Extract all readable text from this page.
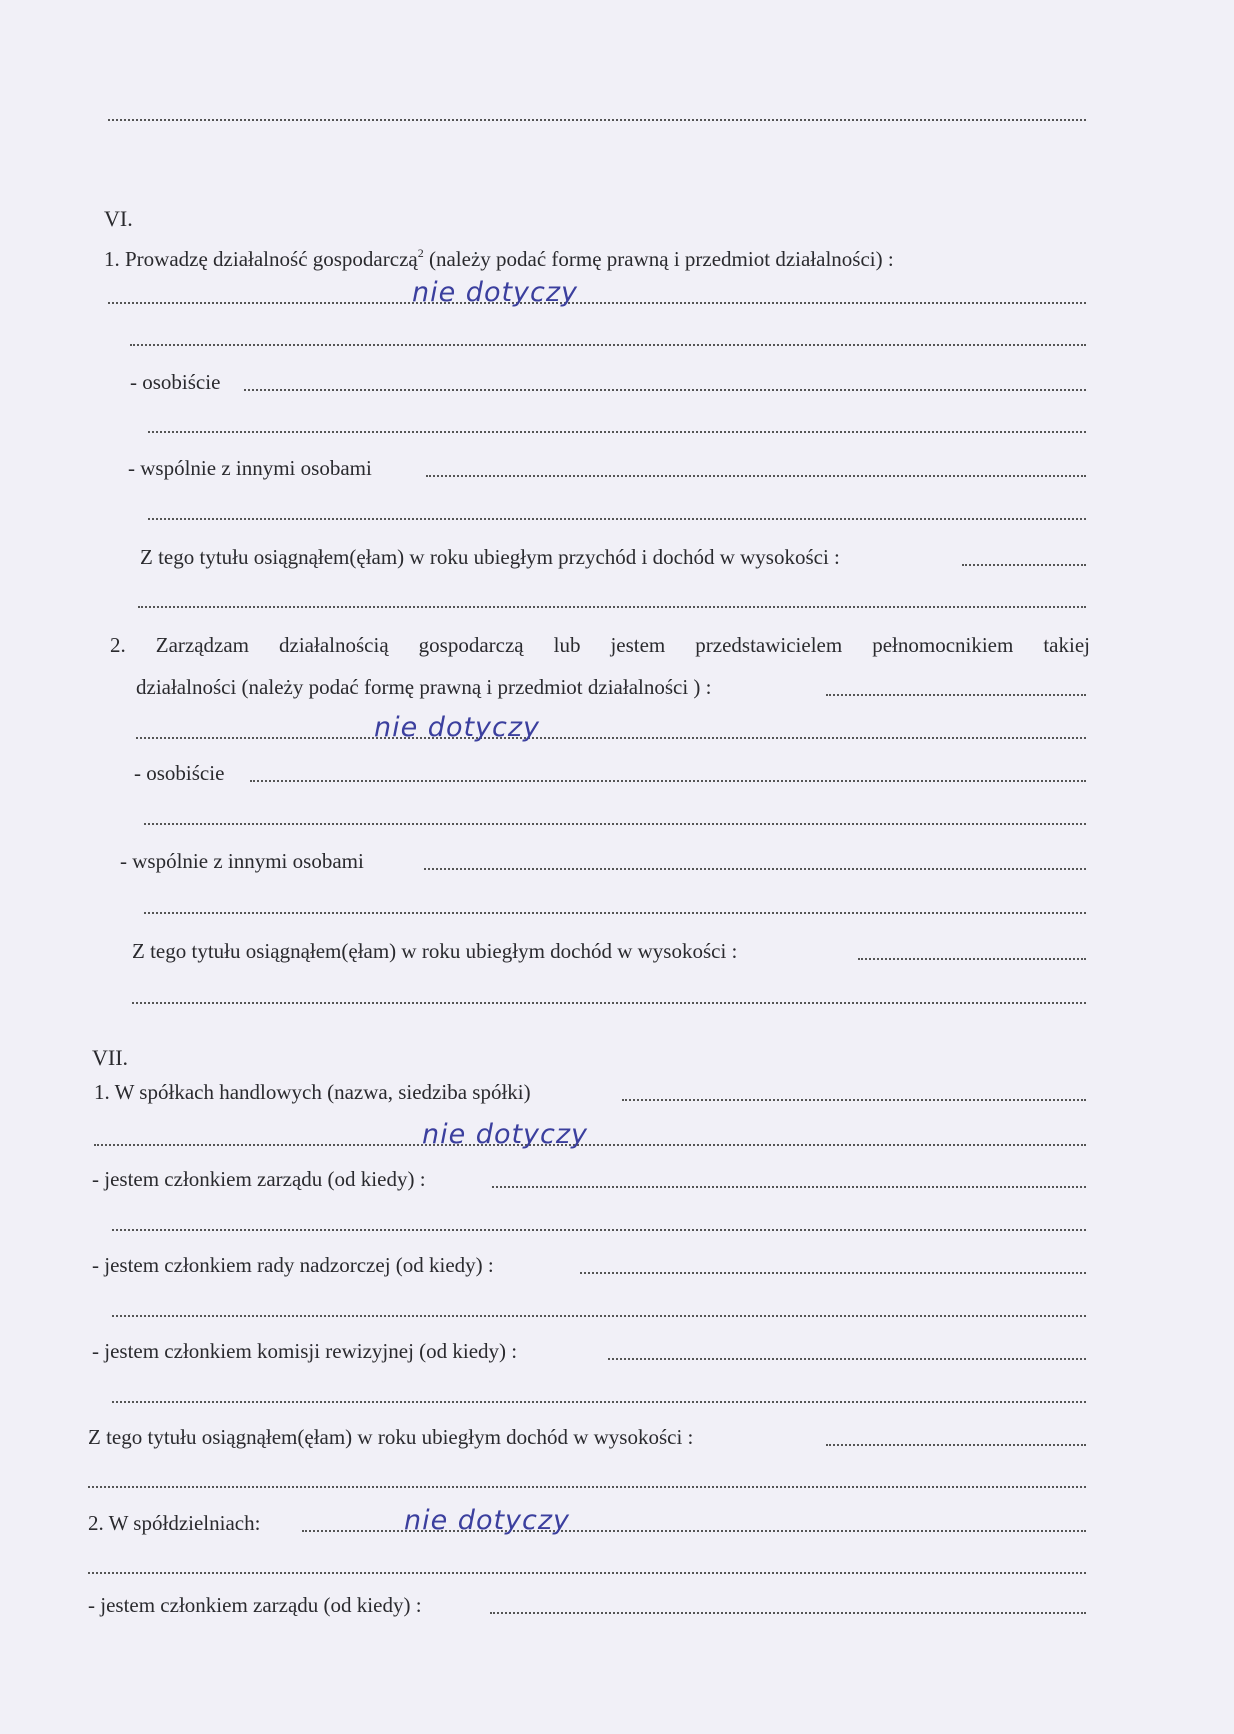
VI.
1. Prowadzę działalność gospodarczą$^2$ (należy podać formę prawną i przedmiot działalności) :
nie dotyczy
- osobiście
- wspólnie z innymi osobami
Z tego tytułu osiągnąłem(ęłam) w roku ubiegłym przychód i dochód w wysokości :
2. Zarządzam działalnością gospodarczą lub jestem przedstawicielem pełnomocnikiem takiej
działalności (należy podać formę prawną i przedmiot działalności ) :
nie dotyczy
- osobiście
- wspólnie z innymi osobami
Z tego tytułu osiągnąłem(ęłam) w roku ubiegłym dochód w wysokości :
VII.
1. W spółkach handlowych (nazwa, siedziba spółki)
nie dotyczy
- jestem członkiem zarządu (od kiedy) :
- jestem członkiem rady nadzorczej (od kiedy) :
- jestem członkiem komisji rewizyjnej (od kiedy) :
Z tego tytułu osiągnąłem(ęłam) w roku ubiegłym dochód w wysokości :
2. W spółdzielniach:	nie dotyczy
- jestem członkiem zarządu (od kiedy) :
